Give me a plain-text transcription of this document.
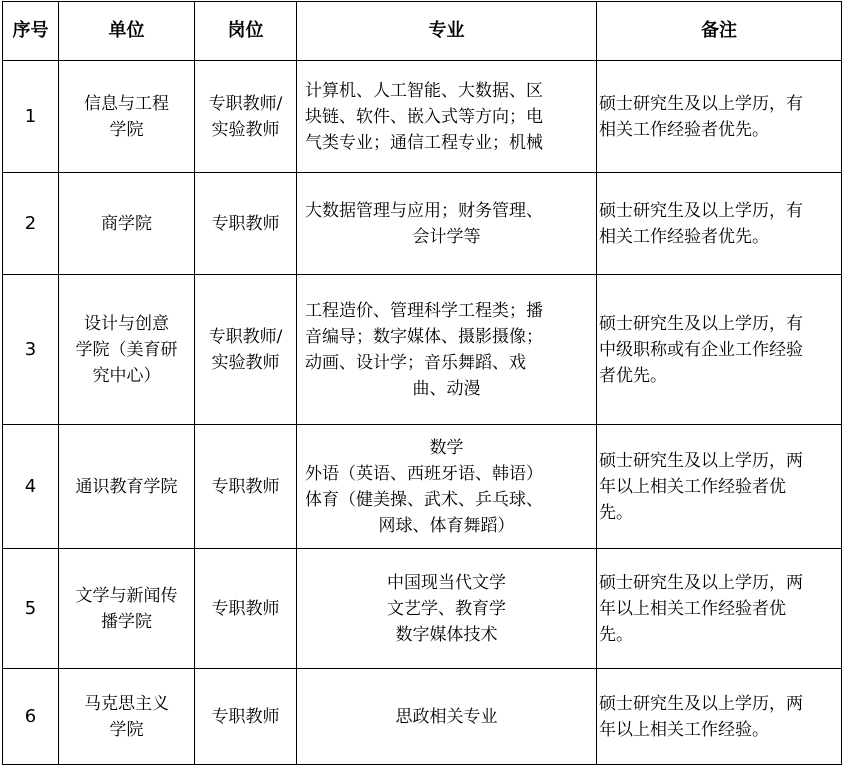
序号	单位	岗位	专业	备注
1	信息与工程
学院	专职教师/
实验教师	计算机、人工智能、大数据、区
块链、软件、嵌入式等方向；电
气类专业；通信工程专业；机械	硕士研究生及以上学历，有
相关工作经验者优先。

2	商学院	专职教师	大数据管理与应用；财务管理、
会计学等	硕士研究生及以上学历，有
相关工作经验者优先。

3	设计与创意
学院（美育研
究中心）	专职教师/
实验教师	工程造价、管理科学工程类；播
音编导；数字媒体、摄影摄像；
动画、设计学；音乐舞蹈、戏
曲、动漫	硕士研究生及以上学历，有
中级职称或有企业工作经验
者优先。

4	通识教育学院	专职教师	数学
外语（英语、西班牙语、韩语）
体育（健美操、武术、乒乓球、
网球、体育舞蹈）	硕士研究生及以上学历，两
年以上相关工作经验者优
先。

5	文学与新闻传
播学院	专职教师	中国现当代文学
文艺学、教育学
数字媒体技术	硕士研究生及以上学历，两
年以上相关工作经验者优
先。

6	马克思主义
学院	专职教师	思政相关专业	硕士研究生及以上学历，两
年以上相关工作经验。
